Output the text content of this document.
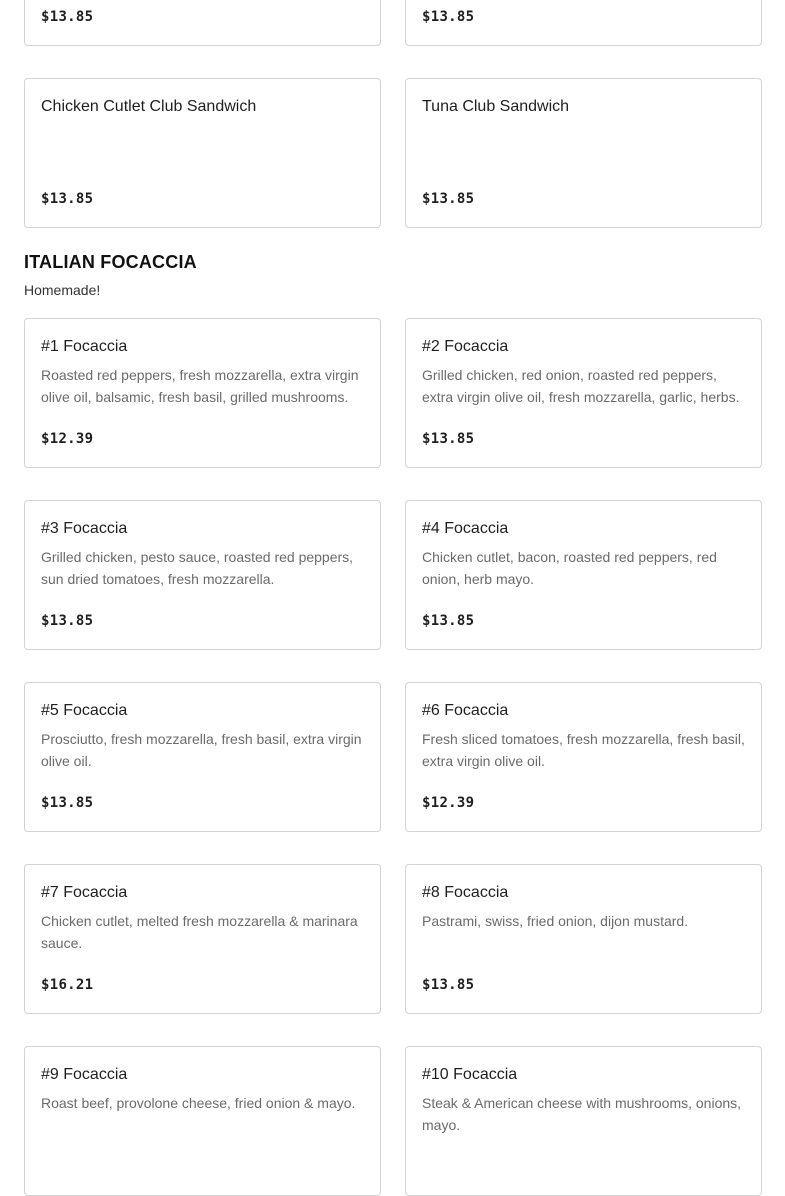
$13.85	$13.85
Chicken Cutlet Club Sandwich
$13.85
Tuna Club Sandwich
$13.85
ITALIAN FOCACCIA
Homemade!
#1 Focaccia
Roasted red peppers, fresh mozzarella, extra virgin olive oil, balsamic, fresh basil, grilled mushrooms.
$12.39
#2 Focaccia
Grilled chicken, red onion, roasted red peppers, extra virgin olive oil, fresh mozzarella, garlic, herbs.
$13.85
#3 Focaccia
Grilled chicken, pesto sauce, roasted red peppers, sun dried tomatoes, fresh mozzarella.
$13.85
#4 Focaccia
Chicken cutlet, bacon, roasted red peppers, red onion, herb mayo.
$13.85
#5 Focaccia
Prosciutto, fresh mozzarella, fresh basil, extra virgin olive oil.
$13.85
#6 Focaccia
Fresh sliced tomatoes, fresh mozzarella, fresh basil, extra virgin olive oil.
$12.39
#7 Focaccia
Chicken cutlet, melted fresh mozzarella & marinara sauce.
$16.21
#8 Focaccia
Pastrami, swiss, fried onion, dijon mustard.
$13.85
#9 Focaccia
Roast beef, provolone cheese, fried onion & mayo.
#10 Focaccia
Steak & American cheese with mushrooms, onions, mayo.
